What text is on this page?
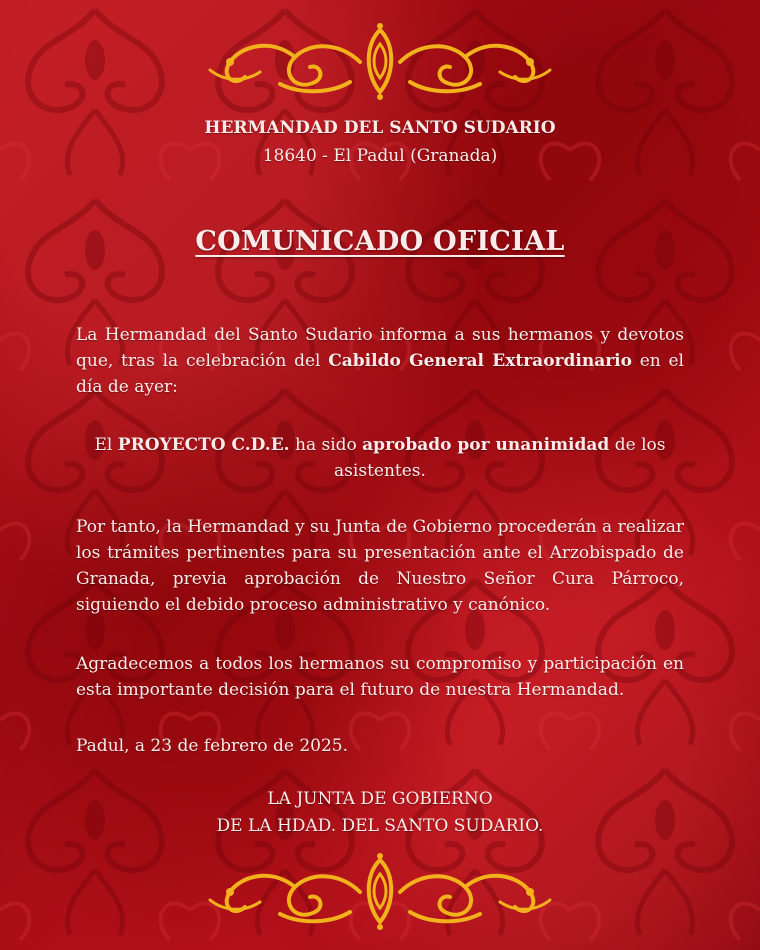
HERMANDAD DEL SANTO SUDARIO
18640 - El Padul (Granada)
COMUNICADO OFICIAL
La Hermandad del Santo Sudario informa a sus hermanos y devotos que, tras la celebración del Cabildo General Extraordinario en el día de ayer:
El PROYECTO C.D.E. ha sido aprobado por unanimidad de los asistentes.
Por tanto, la Hermandad y su Junta de Gobierno procederán a realizar los trámites pertinentes para su presentación ante el Arzobispado de Granada, previa aprobación de Nuestro Señor Cura Párroco, siguiendo el debido proceso administrativo y canónico.
Agradecemos a todos los hermanos su compromiso y participación en esta importante decisión para el futuro de nuestra Hermandad.
Padul, a 23 de febrero de 2025.
LA JUNTA DE GOBIERNO
DE LA HDAD. DEL SANTO SUDARIO.
